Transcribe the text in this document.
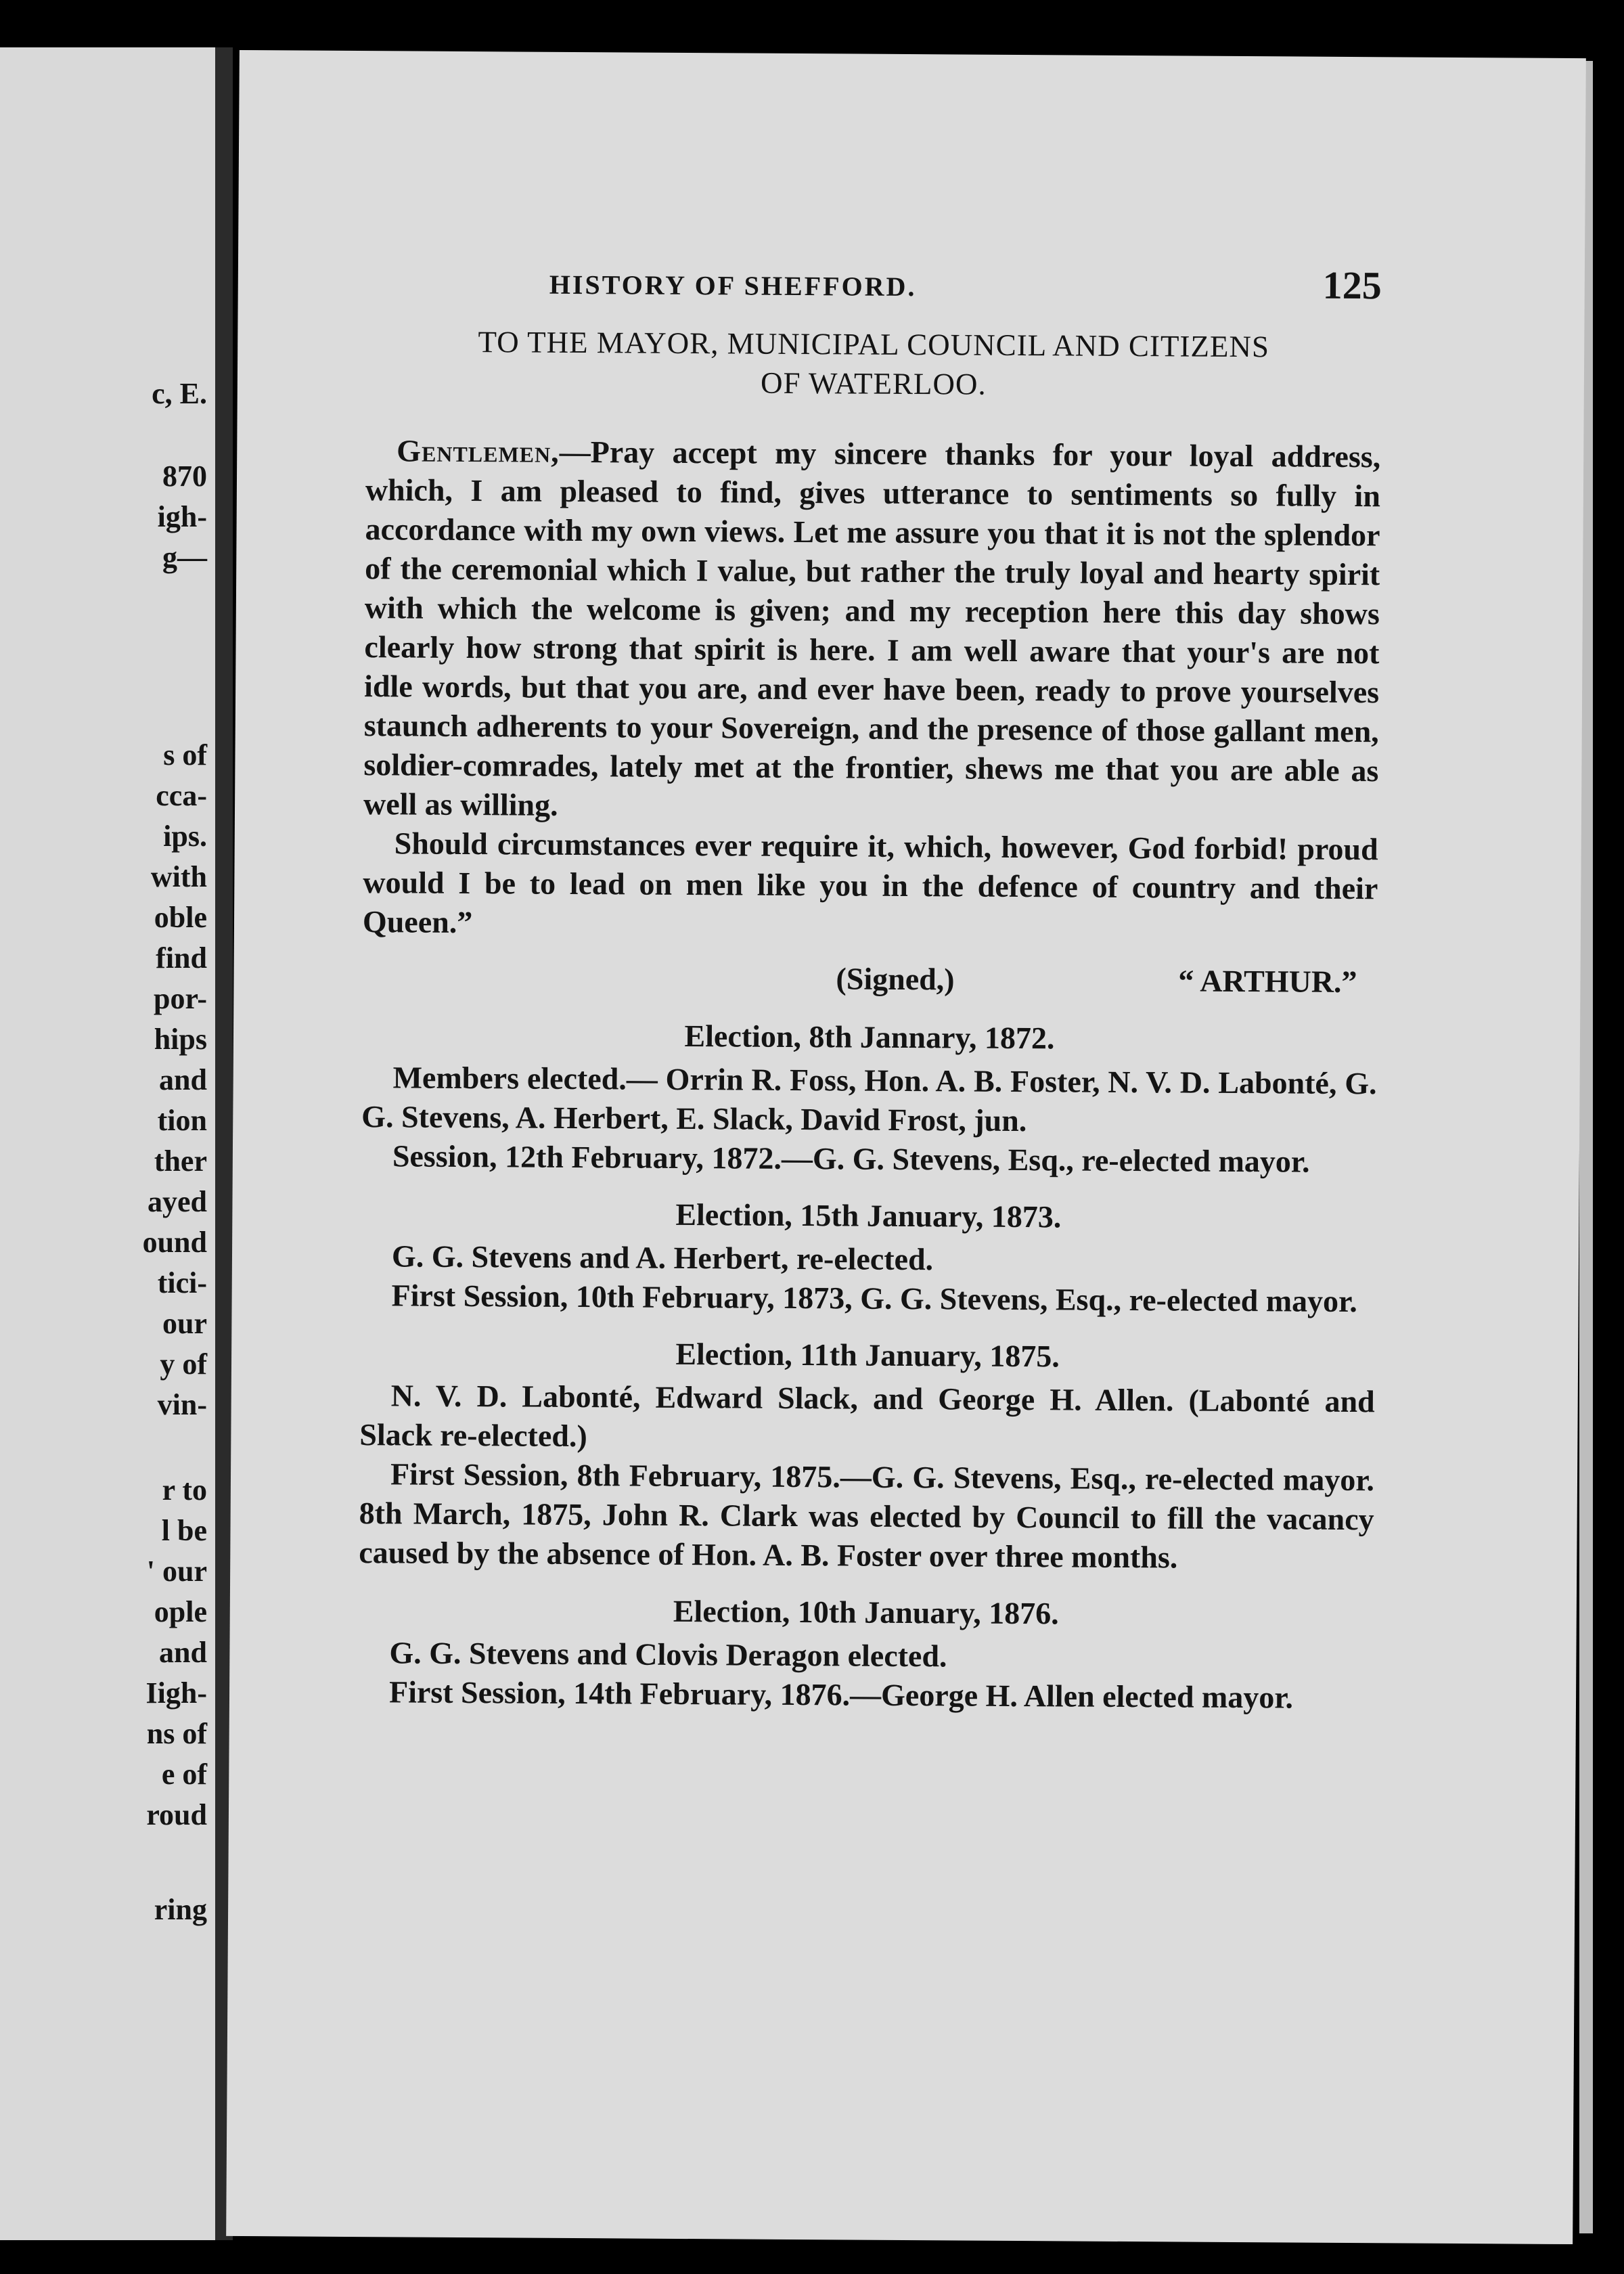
c, E.
870
igh-
g—
s of
cca-
ips.
with
oble
find
por-
hips
and
tion
ther
ayed
ound
tici-
our
y of
vin-
r to
l be
' our
ople
and
Iigh-
ns of
e of
roud
ring
HISTORY OF SHEFFORD.	125
TO THE MAYOR, MUNICIPAL COUNCIL AND CITIZENS
OF WATERLOO.

Gentlemen,—Pray accept my sincere thanks for your loyal address, which, I am pleased to find, gives utterance to sentiments so fully in accordance with my own views. Let me assure you that it is not the splendor of the ceremonial which I value, but rather the truly loyal and hearty spirit with which the welcome is given; and my reception here this day shows clearly how strong that spirit is here. I am well aware that your's are not idle words, but that you are, and ever have been, ready to prove yourselves staunch adherents to your Sovereign, and the presence of those gallant men, soldier-comrades, lately met at the frontier, shews me that you are able as well as willing.

Should circumstances ever require it, which, however, God forbid! proud would I be to lead on men like you in the defence of country and their Queen.”

(Signed,)	“ ARTHUR.”
Election, 8th Jannary, 1872.

Members elected.— Orrin R. Foss, Hon. A. B. Foster, N. V. D. Labonté, G. G. Stevens, A. Herbert, E. Slack, David Frost, jun.

Session, 12th February, 1872.—G. G. Stevens, Esq., re-elected mayor.

Election, 15th January, 1873.

G. G. Stevens and A. Herbert, re-elected.

First Session, 10th February, 1873, G. G. Stevens, Esq., re-elected mayor.

Election, 11th January, 1875.

N. V. D. Labonté, Edward Slack, and George H. Allen. (Labonté and Slack re-elected.)

First Session, 8th February, 1875.—G. G. Stevens, Esq., re-elected mayor. 8th March, 1875, John R. Clark was elected by Council to fill the vacancy caused by the absence of Hon. A. B. Foster over three months.

Election, 10th January, 1876.

G. G. Stevens and Clovis Deragon elected.

First Session, 14th February, 1876.—George H. Allen elected mayor.
